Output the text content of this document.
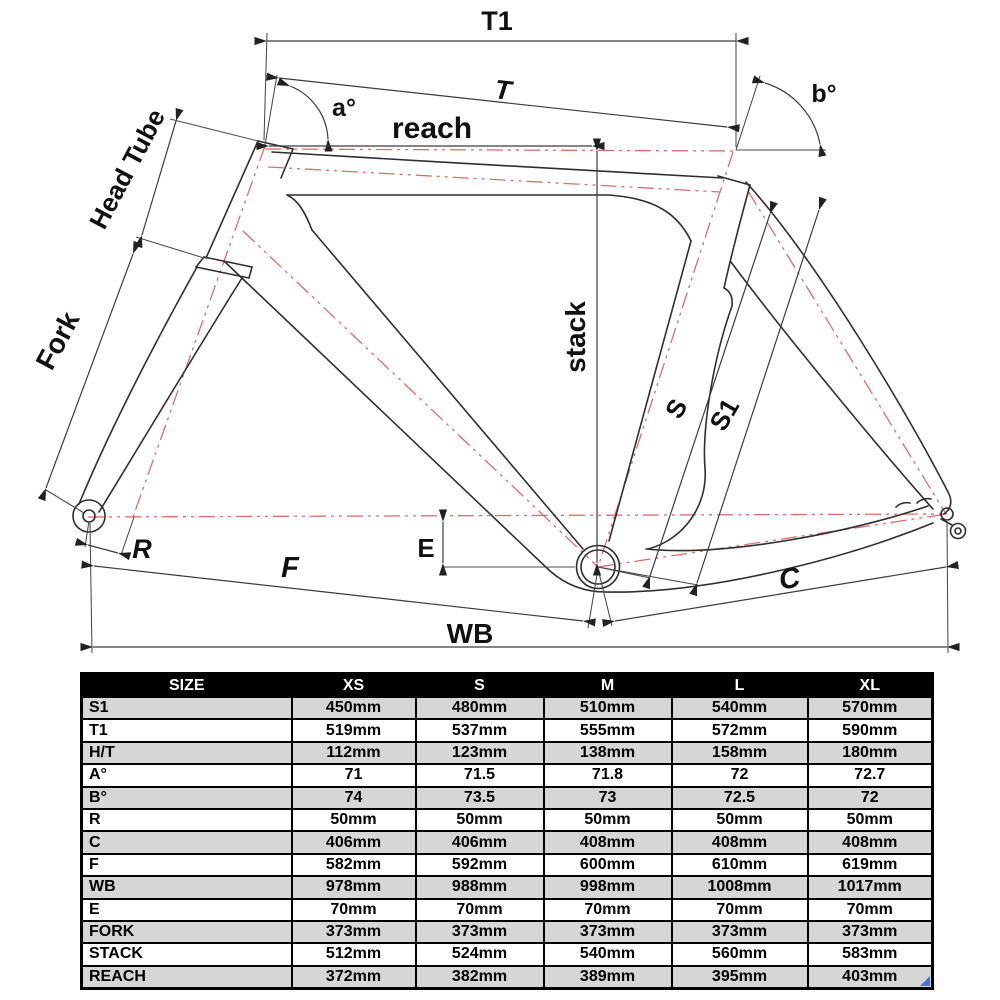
T1
T
a°	b°
reach
Head Tube
Fork	stack
S S1
R	E
F	C
WB
SIZE	XS	S	M	L	XL
S1	450mm	480mm	510mm	540mm	570mm
T1	519mm	537mm	555mm	572mm	590mm
H/T	112mm	123mm	138mm	158mm	180mm
A°	71	71.5	71.8	72	72.7
B°	74	73.5	73	72.5	72
R	50mm	50mm	50mm	50mm	50mm
C	406mm	406mm	408mm	408mm	408mm
F	582mm	592mm	600mm	610mm	619mm
WB	978mm	988mm	998mm	1008mm	1017mm
E	70mm	70mm	70mm	70mm	70mm
FORK	373mm	373mm	373mm	373mm	373mm
STACK	512mm	524mm	540mm	560mm	583mm
REACH	372mm	382mm	389mm	395mm	403mm
